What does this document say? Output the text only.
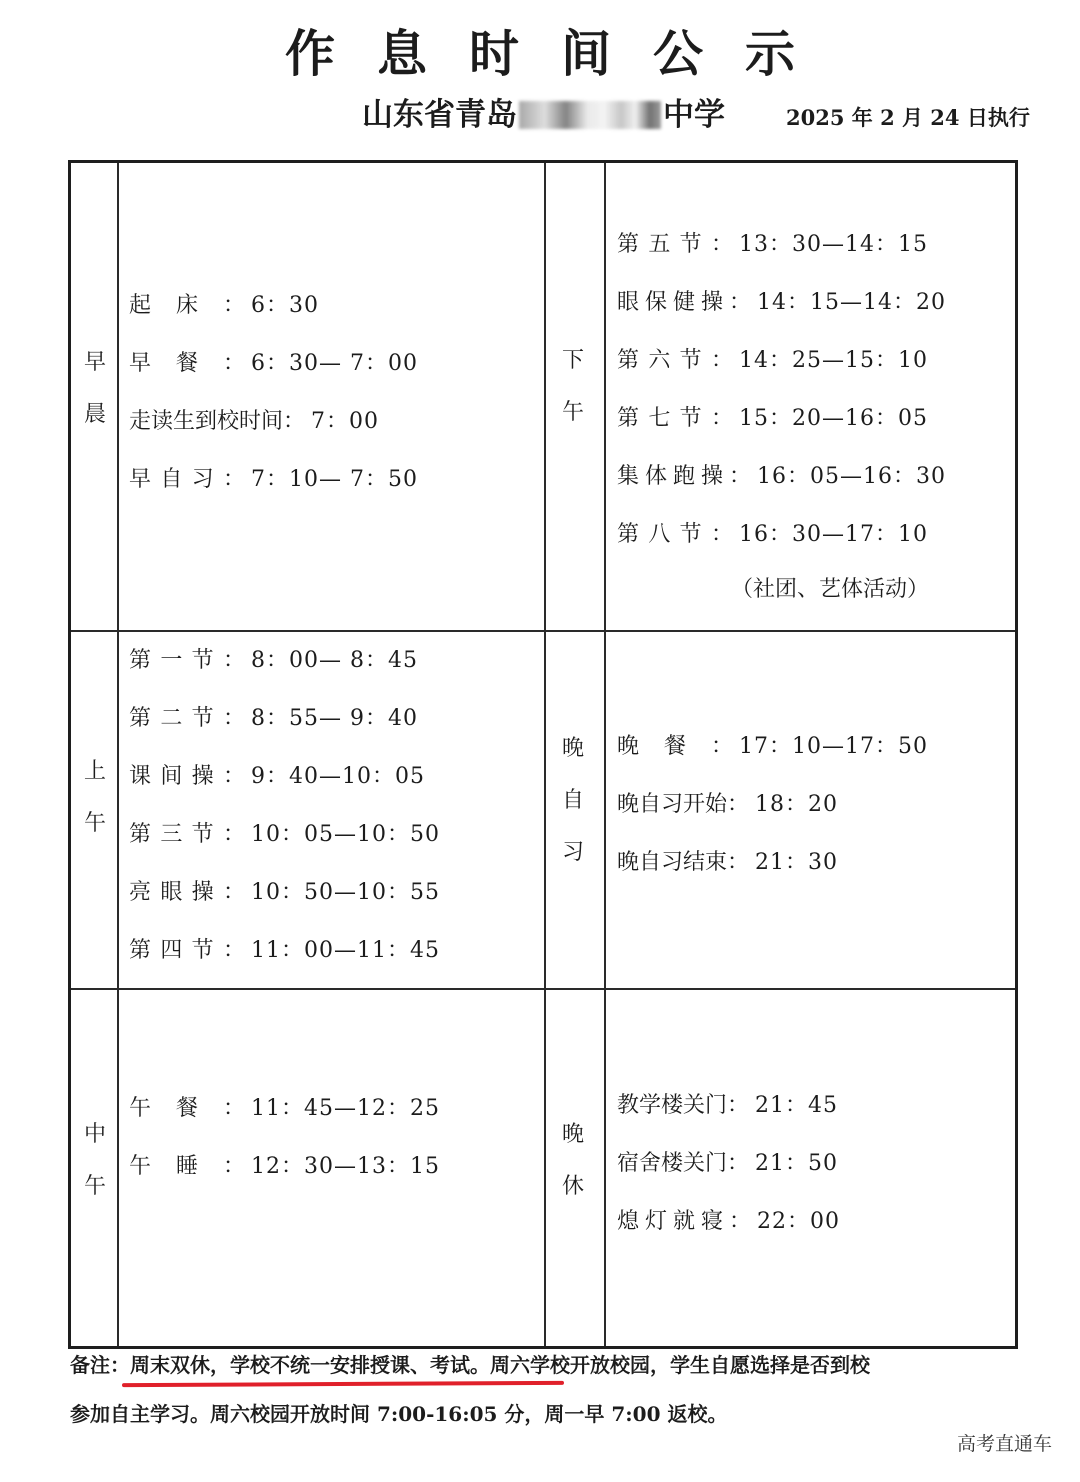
作息时间公示
山东省青岛	中学	2025 年 2 月 24 日执行
早
晨
起床： 6：30
早餐： 6：30— 7：00
走读生到校时间： 7：00
早自习： 7：10— 7：50
上
午
第一节： 8：00— 8：45
第二节： 8：55— 9：40
课间操： 9：40—10：05
第三节： 10：05—10：50
亮眼操： 10：50—10：55
第四节： 11：00—11：45
中
午
午餐： 11：45—12：25
午睡： 12：30—13：15
下
午
第五节： 13：30—14：15
眼保健操： 14：15—14：20
第六节： 14：25—15：10
第七节： 15：20—16：05
集体跑操： 16：05—16：30
第八节： 16：30—17：10
（社团、艺体活动）
晚
自
习
晚餐： 17：10—17：50
晚自习开始： 18：20
晚自习结束： 21：30
晚
休
教学楼关门： 21：45
宿舍楼关门： 21：50
熄灯就寝： 22：00
备注：周末双休，学校不统一安排授课、考试。周六学校开放校园，学生自愿选择是否到校
参加自主学习。周六校园开放时间 7:00-16:05 分，周一早 7:00 返校。
高考直通车
